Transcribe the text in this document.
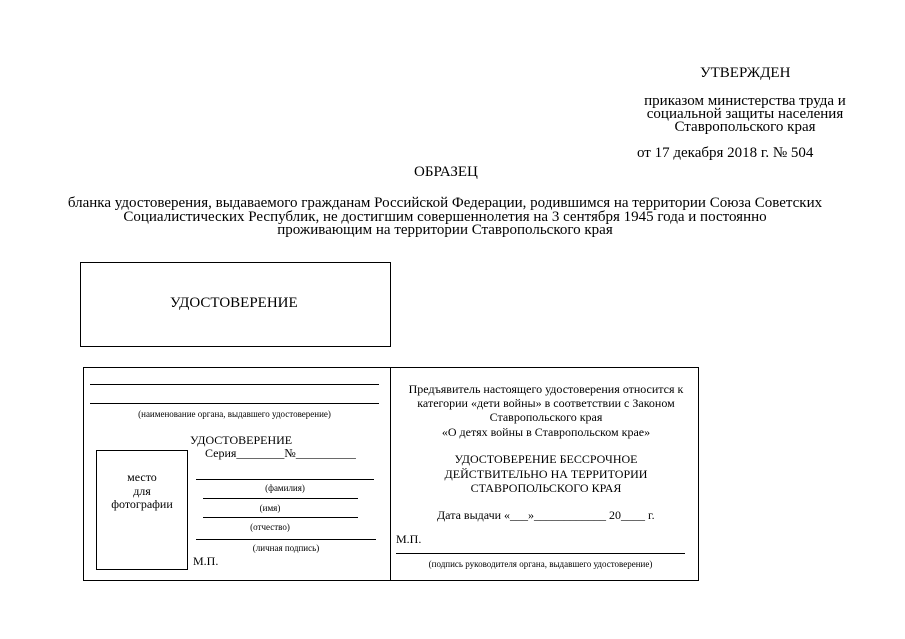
УТВЕРЖДЕН
приказом министерства труда и
социальной защиты населения
Ставропольского края
от 17 декабря 2018 г. № 504
ОБРАЗЕЦ
бланка удостоверения, выдаваемого гражданам Российской Федерации, родившимся на территории Союза Советских
Социалистических Республик, не достигшим совершеннолетия на 3 сентября 1945 года и постоянно
проживающим на территории Ставропольского края
УДОСТОВЕРЕНИЕ
(наименование органа, выдавшего удостоверение)
УДОСТОВЕРЕНИЕ
Серия________№__________
место
для
фотографии
(фамилия)
(имя)
(отчество)
(личная подпись)
М.П.
Предъявитель настоящего удостоверения относится к
категории «дети войны» в соответствии с Законом
Ставропольского края
«О детях войны в Ставропольском крае»
УДОСТОВЕРЕНИЕ БЕССРОЧНОЕ
ДЕЙСТВИТЕЛЬНО НА ТЕРРИТОРИИ
СТАВРОПОЛЬСКОГО КРАЯ
Дата выдачи «___»____________ 20____ г.
М.П.
(подпись руководителя органа, выдавшего удостоверение)
